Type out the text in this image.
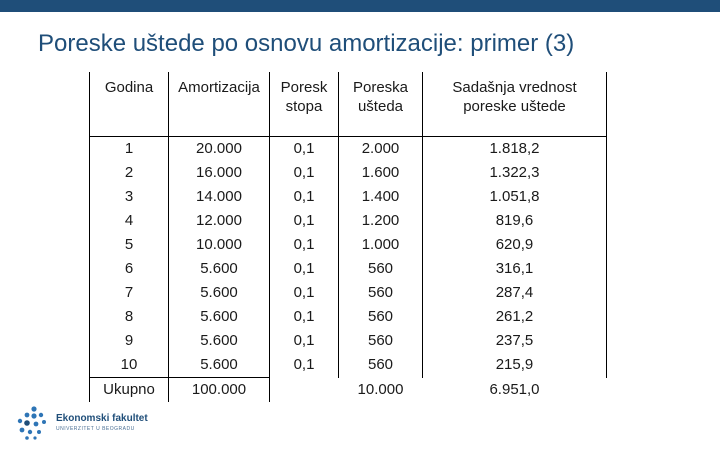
Poreske uštede po osnovu amortizacije: primer (3)
Godina	Amortizacija	Poresk stopa	Poreska ušteda	Sadašnja vrednost poreske uštede
1	20.000	0,1	2.000	1.818,2
2	16.000	0,1	1.600	1.322,3
3	14.000	0,1	1.400	1.051,8
4	12.000	0,1	1.200	819,6
5	10.000	0,1	1.000	620,9
6	5.600	0,1	560	316,1
7	5.600	0,1	560	287,4
8	5.600	0,1	560	261,2
9	5.600	0,1	560	237,5
10	5.600	0,1	560	215,9
Ukupno	100.000		10.000	6.951,0
Ekonomski fakultet
UNIVERZITET U BEOGRADU
